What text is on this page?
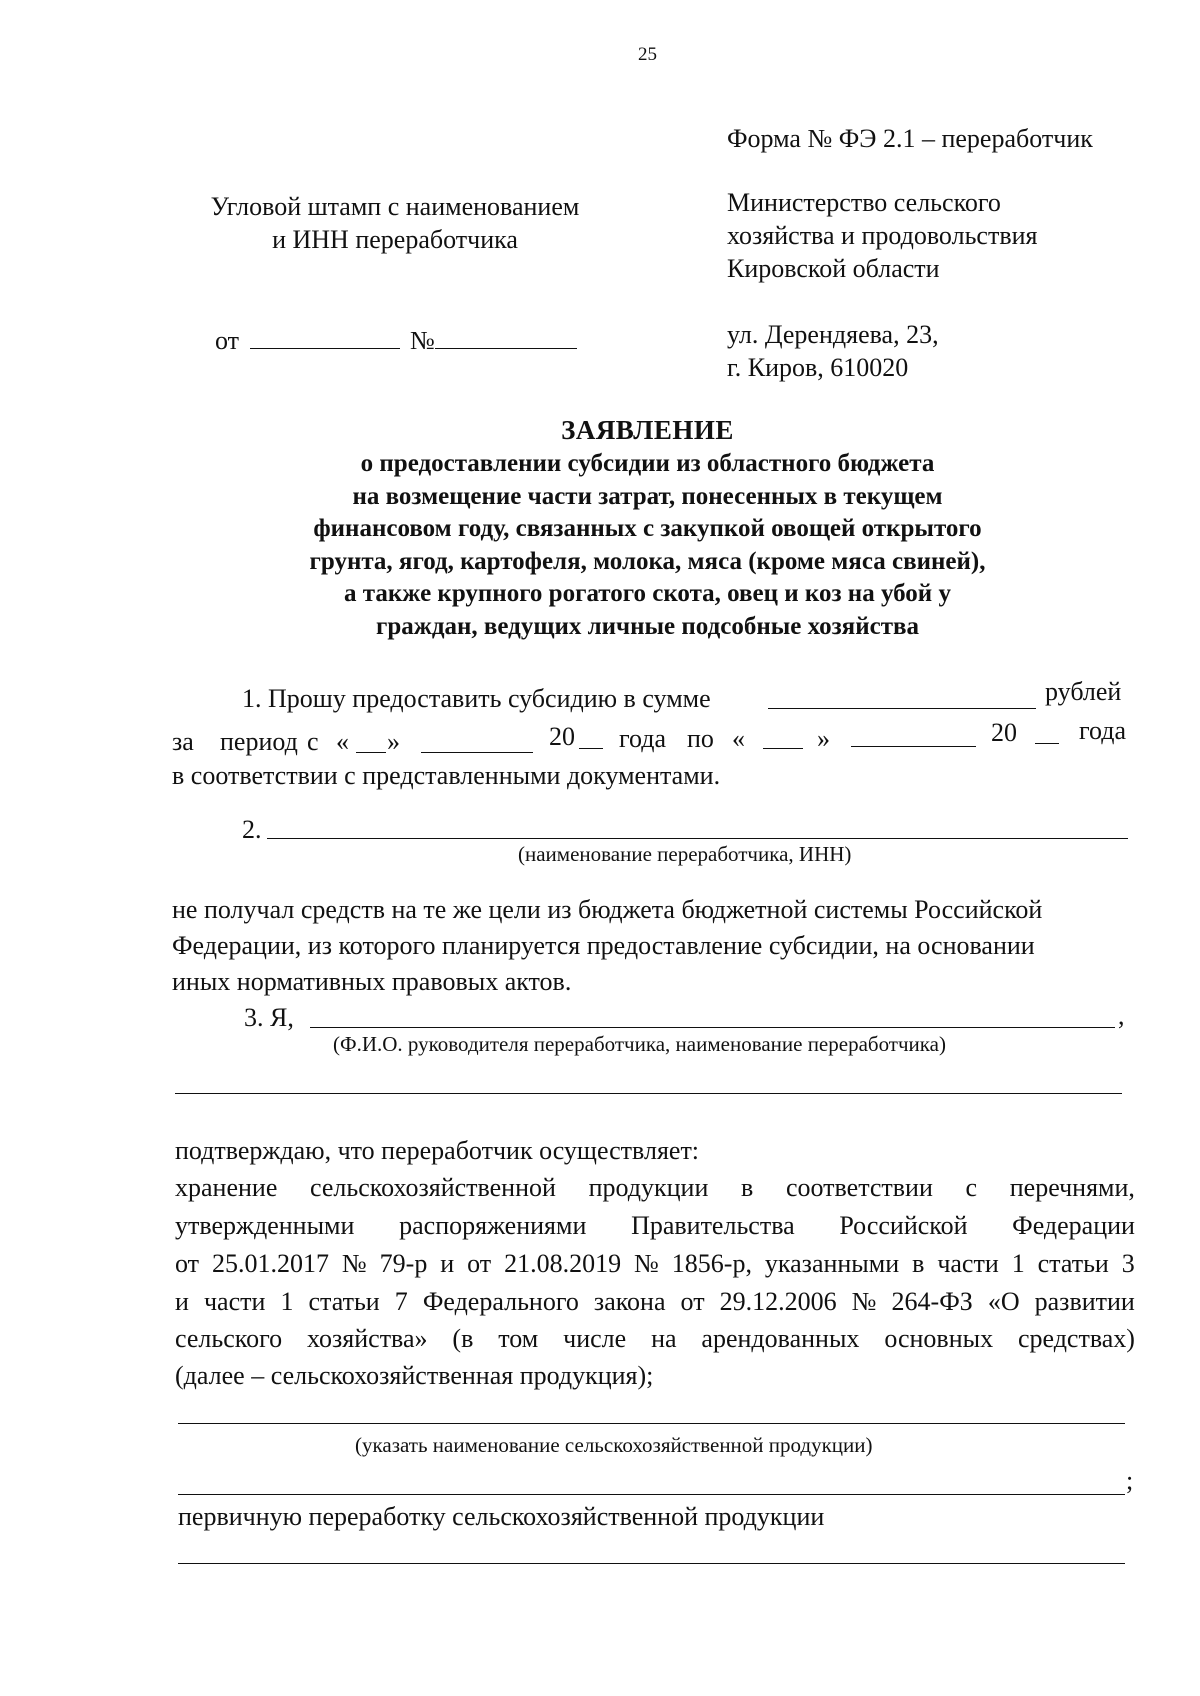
25
Форма № ФЭ 2.1 – переработчик
Угловой штамп с наименованием
и ИНН переработчика
Министерство сельского
хозяйства и продовольствия
Кировской области
ул. Дерендяева, 23,
г. Киров, 610020
от	№
ЗАЯВЛЕНИЕ
о предоставлении субсидии из областного бюджета
на возмещение части затрат, понесенных в текущем
финансовом году, связанных с закупкой овощей открытого
грунта, ягод, картофеля, молока, мяса (кроме мяса свиней),
а также крупного рогатого скота, овец и коз на убой у
граждан, ведущих личные подсобные хозяйства
1. Прошу предоставить субсидию в сумме	рублей
за период с « »	20 года по «	»	20 года
в соответствии с представленными документами.
2.
(наименование переработчика, ИНН)
не получал средств на те же цели из бюджета бюджетной системы Российской
Федерации, из которого планируется предоставление субсидии, на основании
иных нормативных правовых актов.
3. Я,	,
(Ф.И.О. руководителя переработчика, наименование переработчика)
подтверждаю, что переработчик осуществляет:
хранение сельскохозяйственной продукции в соответствии с перечнями,
утвержденными распоряжениями Правительства Российской Федерации
от 25.01.2017 № 79-р и от 21.08.2019 № 1856-р, указанными в части 1 статьи 3
и части 1 статьи 7 Федерального закона от 29.12.2006 № 264-ФЗ «О развитии
сельского хозяйства» (в том числе на арендованных основных средствах)
(далее – сельскохозяйственная продукция);
(указать наименование сельскохозяйственной продукции)
;
первичную переработку сельскохозяйственной продукции
